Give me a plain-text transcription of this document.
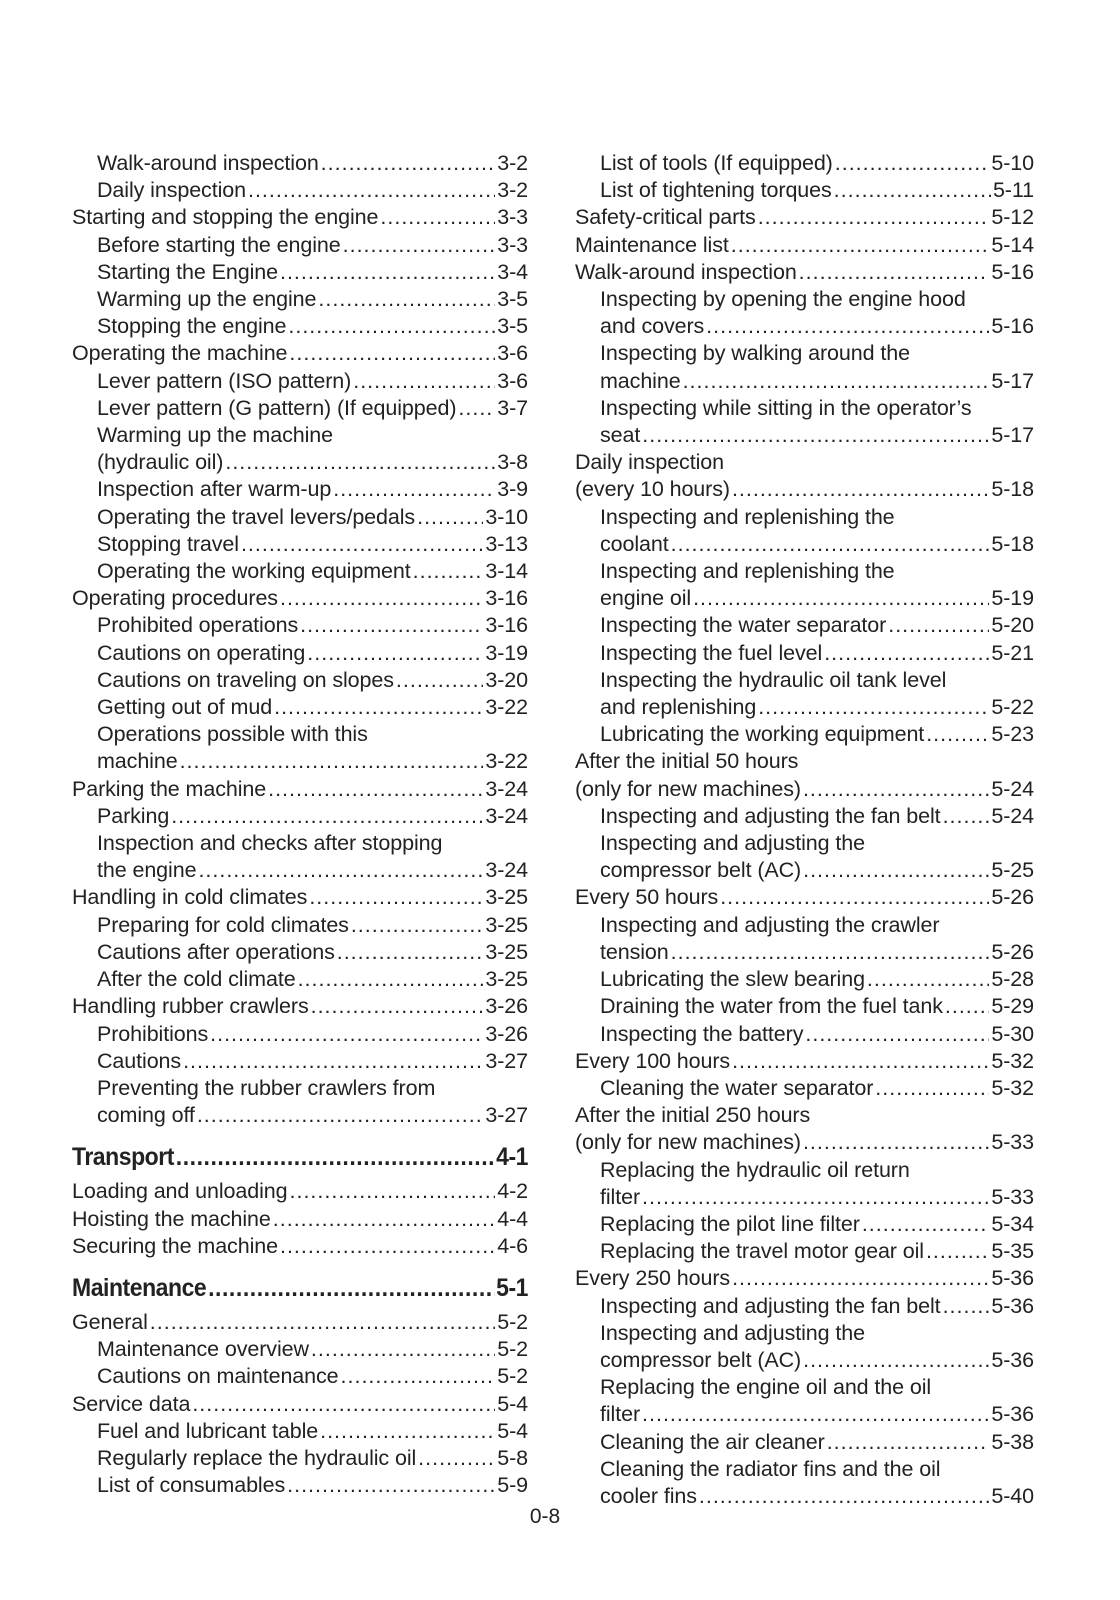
Walk-around inspection .....	3-2
Daily inspection .....	3-2
Starting and stopping the engine .....	3-3
Before starting the engine .....	3-3
Starting the Engine .....	3-4
Warming up the engine .....	3-5
Stopping the engine .....	3-5
Operating the machine .....	3-6
Lever pattern (ISO pattern) .....	3-6
Lever pattern (G pattern) (If equipped) ..... 3-7
Warming up the machine
(hydraulic oil) .....	3-8
Inspection after warm-up .....	3-9
Operating the travel levers/pedals .....	3-10
Stopping travel .....	3-13
Operating the working equipment .....	3-14
Operating procedures .....	3-16
Prohibited operations .....	3-16
Cautions on operating .....	3-19
Cautions on traveling on slopes .....	3-20
Getting out of mud .....	3-22
Operations possible with this
machine .....	3-22
Parking the machine .....	3-24
Parking .....	3-24
Inspection and checks after stopping
the engine .....	3-24
Handling in cold climates .....	3-25
Preparing for cold climates .....	3-25
Cautions after operations .....	3-25
After the cold climate .....	3-25
Handling rubber crawlers .....	3-26
Prohibitions .....	3-26
Cautions .....	3-27
Preventing the rubber crawlers from
coming off .....	3-27
Transport .....	4-1
Loading and unloading .....	4-2
Hoisting the machine .....	4-4
Securing the machine .....	4-6
Maintenance .....	5-1
General .....	5-2
Maintenance overview .....	5-2
Cautions on maintenance .....	5-2
Service data .....	5-4
Fuel and lubricant table .....	5-4
Regularly replace the hydraulic oil .....	5-8
List of consumables .....	5-9
List of tools (If equipped) .....	5-10
List of tightening torques .....	5-11
Safety-critical parts .....	5-12
Maintenance list .....	5-14
Walk-around inspection .....	5-16
Inspecting by opening the engine hood
and covers .....	5-16
Inspecting by walking around the
machine .....	5-17
Inspecting while sitting in the operator’s
seat .....	5-17
Daily inspection
(every 10 hours) .....	5-18
Inspecting and replenishing the
coolant .....	5-18
Inspecting and replenishing the
engine oil .....	5-19
Inspecting the water separator .....	5-20
Inspecting the fuel level .....	5-21
Inspecting the hydraulic oil tank level
and replenishing .....	5-22
Lubricating the working equipment .....	5-23
After the initial 50 hours
(only for new machines) .....	5-24
Inspecting and adjusting the fan belt ..... 5-24
Inspecting and adjusting the
compressor belt (AC) .....	5-25
Every 50 hours .....	5-26
Inspecting and adjusting the crawler
tension .....	5-26
Lubricating the slew bearing .....	5-28
Draining the water from the fuel tank ..... 5-29
Inspecting the battery .....	5-30
Every 100 hours .....	5-32
Cleaning the water separator .....	5-32
After the initial 250 hours
(only for new machines) .....	5-33
Replacing the hydraulic oil return
filter .....	5-33
Replacing the pilot line filter .....	5-34
Replacing the travel motor gear oil .....	5-35
Every 250 hours .....	5-36
Inspecting and adjusting the fan belt ..... 5-36
Inspecting and adjusting the
compressor belt (AC) .....	5-36
Replacing the engine oil and the oil
filter .....	5-36
Cleaning the air cleaner .....	5-38
Cleaning the radiator fins and the oil
cooler fins .....	5-40
0-8
